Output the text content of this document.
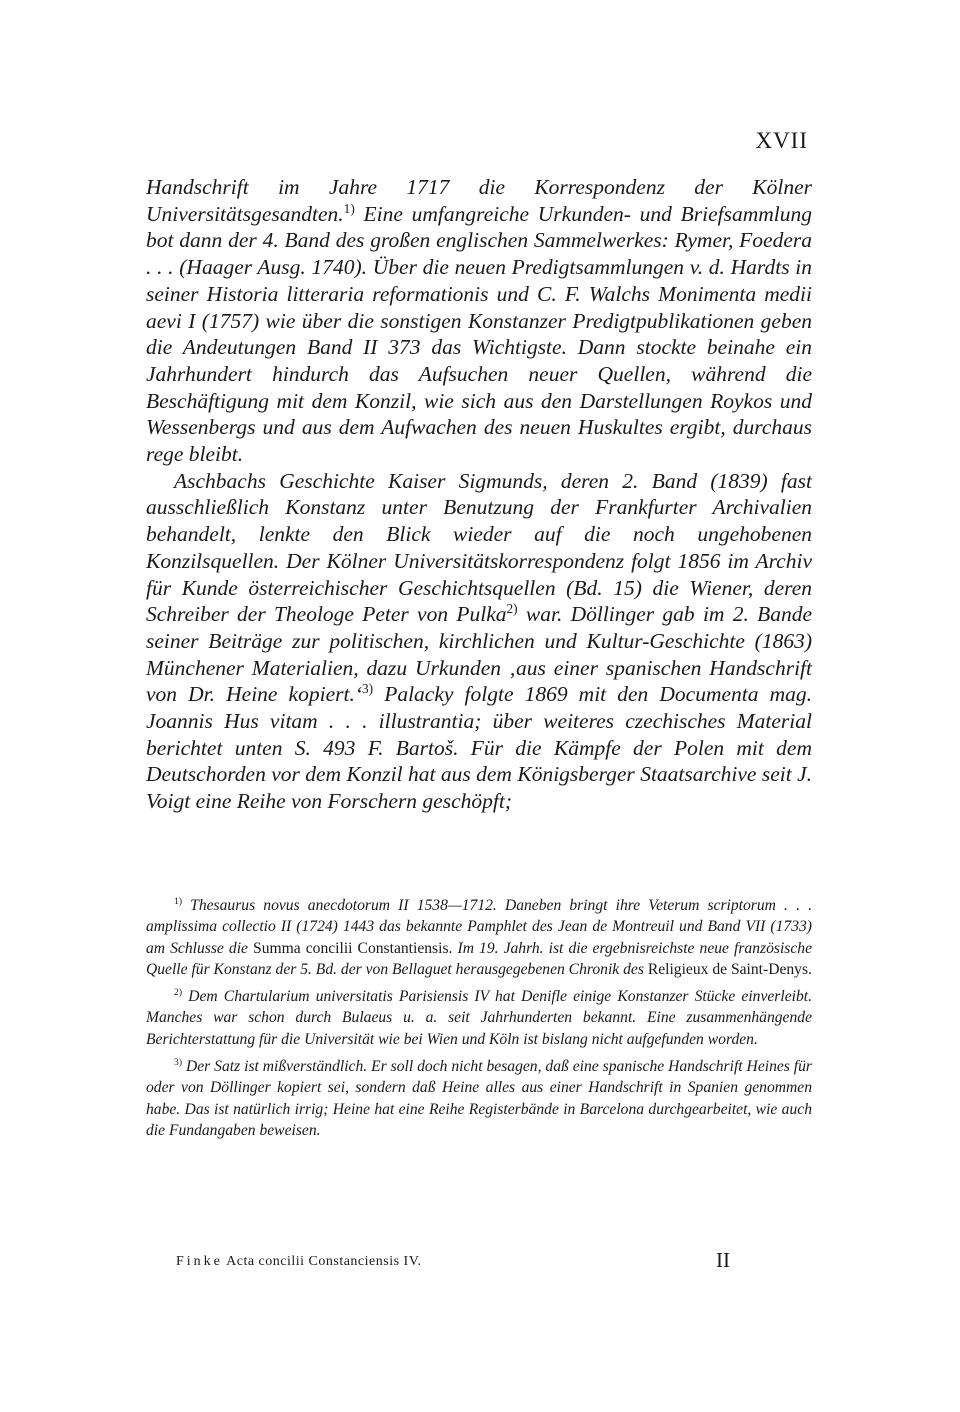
XVII

Handschrift im Jahre 1717 die Korrespondenz der Kölner Universitätsgesandten.$^{1)}$ Eine umfangreiche Urkunden- und Briefsammlung bot dann der 4. Band des großen englischen Sammelwerkes: Rymer, Foedera . . . (Haager Ausg. 1740). Über die neuen Predigtsammlungen v. d. Hardts in seiner Historia litteraria reformationis und C. F. Walchs Monimenta medii aevi I (1757) wie über die sonstigen Konstanzer Predigtpublikationen geben die Andeutungen Band II 373 das Wichtigste. Dann stockte beinahe ein Jahrhundert hindurch das Aufsuchen neuer Quellen, während die Beschäftigung mit dem Konzil, wie sich aus den Darstellungen Roykos und Wessenbergs und aus dem Aufwachen des neuen Huskultes ergibt, durchaus rege bleibt.

Aschbachs Geschichte Kaiser Sigmunds, deren 2. Band (1839) fast ausschließlich Konstanz unter Benutzung der Frankfurter Archivalien behandelt, lenkte den Blick wieder auf die noch ungehobenen Konzilsquellen. Der Kölner Universitätskorrespondenz folgt 1856 im Archiv für Kunde österreichischer Geschichtsquellen (Bd. 15) die Wiener, deren Schreiber der Theologe Peter von Pulka$^{2)}$ war. Döllinger gab im 2. Bande seiner Beiträge zur politischen, kirchlichen und Kultur-Geschichte (1863) Münchener Materialien, dazu Urkunden ‚aus einer spanischen Handschrift von Dr. Heine kopiert.‘$^{3)}$ Palacky folgte 1869 mit den Documenta mag. Joannis Hus vitam . . . illustrantia; über weiteres czechisches Material berichtet unten S. 493 F. Bartoš. Für die Kämpfe der Polen mit dem Deutschorden vor dem Konzil hat aus dem Königsberger Staatsarchive seit J. Voigt eine Reihe von Forschern geschöpft;

$^{1)}$ Thesaurus novus anecdotorum II 1538—1712. Daneben bringt ihre Veterum scriptorum . . . amplissima collectio II (1724) 1443 das bekannte Pamphlet des Jean de Montreuil und Band VII (1733) am Schlusse die Summa concilii Constantiensis. Im 19. Jahrh. ist die ergebnisreichste neue französische Quelle für Konstanz der 5. Bd. der von Bellaguet herausgegebenen Chronik des Religieux de Saint-Denys.

$^{2)}$ Dem Chartularium universitatis Parisiensis IV hat Denifle einige Konstanzer Stücke einverleibt. Manches war schon durch Bulaeus u. a. seit Jahrhunderten bekannt. Eine zusammenhängende Berichterstattung für die Universität wie bei Wien und Köln ist bislang nicht aufgefunden worden.

$^{3)}$ Der Satz ist mißverständlich. Er soll doch nicht besagen, daß eine spanische Handschrift Heines für oder von Döllinger kopiert sei, sondern daß Heine alles aus einer Handschrift in Spanien genommen habe. Das ist natürlich irrig; Heine hat eine Reihe Registerbände in Barcelona durchgearbeitet, wie auch die Fundangaben beweisen.

Finke Acta concilii Constanciensis IV.	II
